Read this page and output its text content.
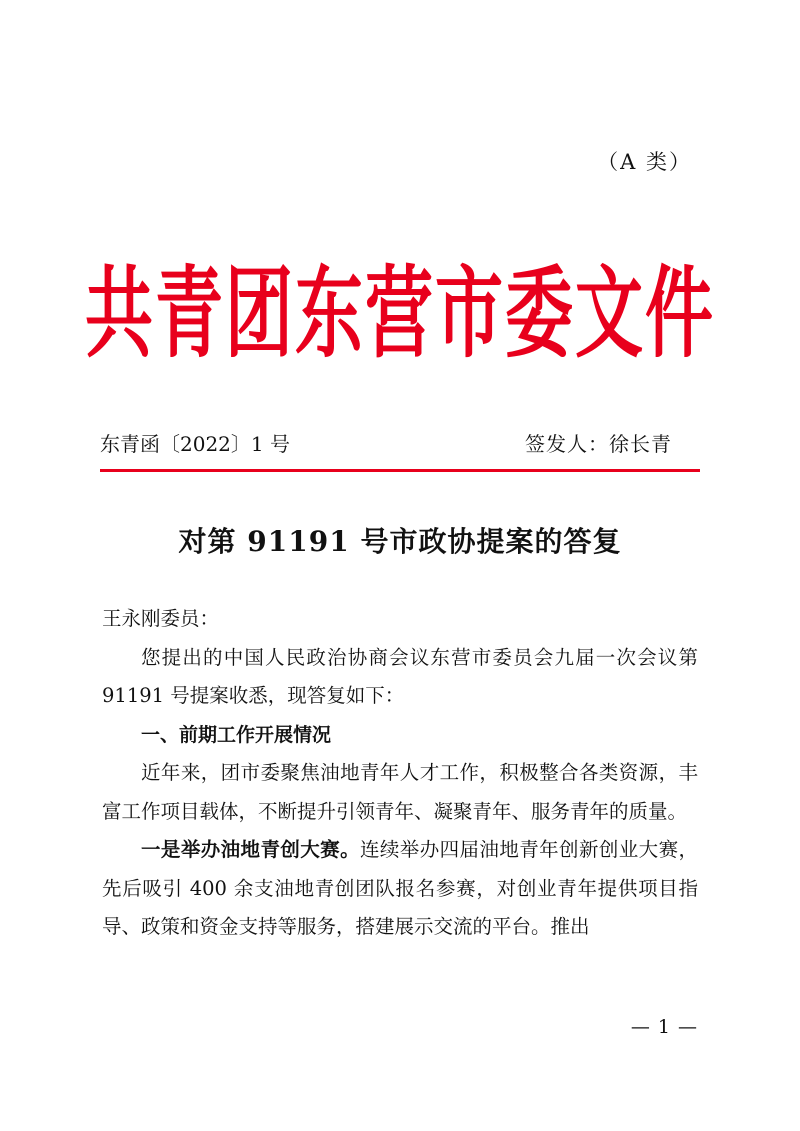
（A 类）
共青团东营市委文件
东青函〔2022〕1 号	签发人：徐长青
对第 91191 号市政协提案的答复

王永刚委员：

您提出的中国人民政治协商会议东营市委员会九届一次会议第 91191 号提案收悉，现答复如下：

一、前期工作开展情况

近年来，团市委聚焦油地青年人才工作，积极整合各类资源，丰富工作项目载体，不断提升引领青年、凝聚青年、服务青年的质量。

一是举办油地青创大赛。连续举办四届油地青年创新创业大赛，先后吸引 400 余支油地青创团队报名参赛，对创业青年提供项目指导、政策和资金支持等服务，搭建展示交流的平台。推出

— 1 —
